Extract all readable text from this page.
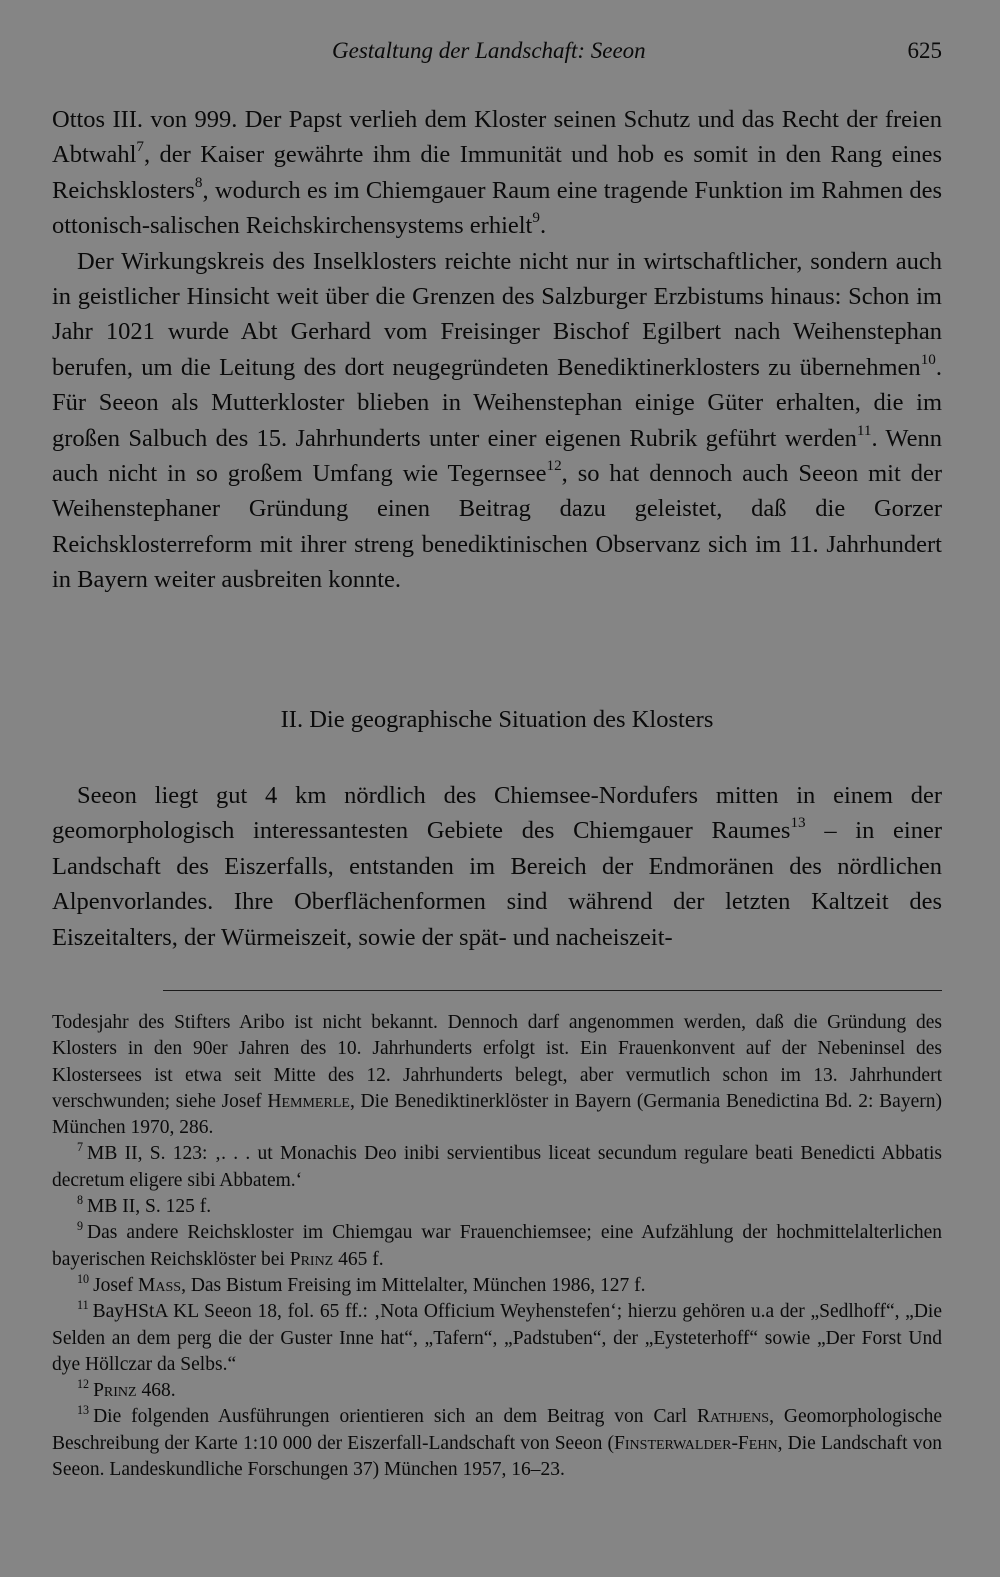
Gestaltung der Landschaft: Seeon	625

Ottos III. von 999. Der Papst verlieh dem Kloster seinen Schutz und das Recht der freien Abtwahl$^7$, der Kaiser gewährte ihm die Immunität und hob es somit in den Rang eines Reichsklosters$^8$, wodurch es im Chiemgauer Raum eine tragende Funktion im Rahmen des ottonisch-salischen Reichskirchensystems erhielt$^9$.

Der Wirkungskreis des Inselklosters reichte nicht nur in wirtschaftlicher, sondern auch in geistlicher Hinsicht weit über die Grenzen des Salzburger Erzbistums hinaus: Schon im Jahr 1021 wurde Abt Gerhard vom Freisinger Bischof Egilbert nach Weihenstephan berufen, um die Leitung des dort neugegründeten Benediktinerklosters zu übernehmen$^{10}$. Für Seeon als Mutterkloster blieben in Weihenstephan einige Güter erhalten, die im großen Salbuch des 15. Jahrhunderts unter einer eigenen Rubrik geführt werden$^{11}$. Wenn auch nicht in so großem Umfang wie Tegernsee$^{12}$, so hat dennoch auch Seeon mit der Weihenstephaner Gründung einen Beitrag dazu geleistet, daß die Gorzer Reichsklosterreform mit ihrer streng benediktinischen Observanz sich im 11. Jahrhundert in Bayern weiter ausbreiten konnte.

II. Die geographische Situation des Klosters

Seeon liegt gut 4 km nördlich des Chiemsee-Nordufers mitten in einem der geomorphologisch interessantesten Gebiete des Chiemgauer Raumes$^{13}$ – in einer Landschaft des Eiszerfalls, entstanden im Bereich der Endmoränen des nördlichen Alpenvorlandes. Ihre Oberflächenformen sind während der letzten Kaltzeit des Eiszeitalters, der Würmeiszeit, sowie der spät- und nacheiszeit-

Todesjahr des Stifters Aribo ist nicht bekannt. Dennoch darf angenommen werden, daß die Gründung des Klosters in den 90er Jahren des 10. Jahrhunderts erfolgt ist. Ein Frauenkonvent auf der Nebeninsel des Klostersees ist etwa seit Mitte des 12. Jahrhunderts belegt, aber vermutlich schon im 13. Jahrhundert verschwunden; siehe Josef Hemmerle, Die Benediktinerklöster in Bayern (Germania Benedictina Bd. 2: Bayern) München 1970, 286.

$^7$ MB II, S. 123: ‚. . . ut Monachis Deo inibi servientibus liceat secundum regulare beati Benedicti Abbatis decretum eligere sibi Abbatem.‘

$^8$ MB II, S. 125 f.

$^9$ Das andere Reichskloster im Chiemgau war Frauenchiemsee; eine Aufzählung der hochmittelalterlichen bayerischen Reichsklöster bei Prinz 465 f.

$^{10}$ Josef Mass, Das Bistum Freising im Mittelalter, München 1986, 127 f.

$^{11}$ BayHStA KL Seeon 18, fol. 65 ff.: ‚Nota Officium Weyhenstefen‘; hierzu gehören u.a der „Sedlhoff“, „Die Selden an dem perg die der Guster Inne hat“, „Tafern“, „Padstuben“, der „Eysteterhoff“ sowie „Der Forst Und dye Höllczar da Selbs.“

$^{12}$ Prinz 468.

$^{13}$ Die folgenden Ausführungen orientieren sich an dem Beitrag von Carl Rathjens, Geomorphologische Beschreibung der Karte 1:10 000 der Eiszerfall-Landschaft von Seeon (Finsterwalder-Fehn, Die Landschaft von Seeon. Landeskundliche Forschungen 37) München 1957, 16–23.
